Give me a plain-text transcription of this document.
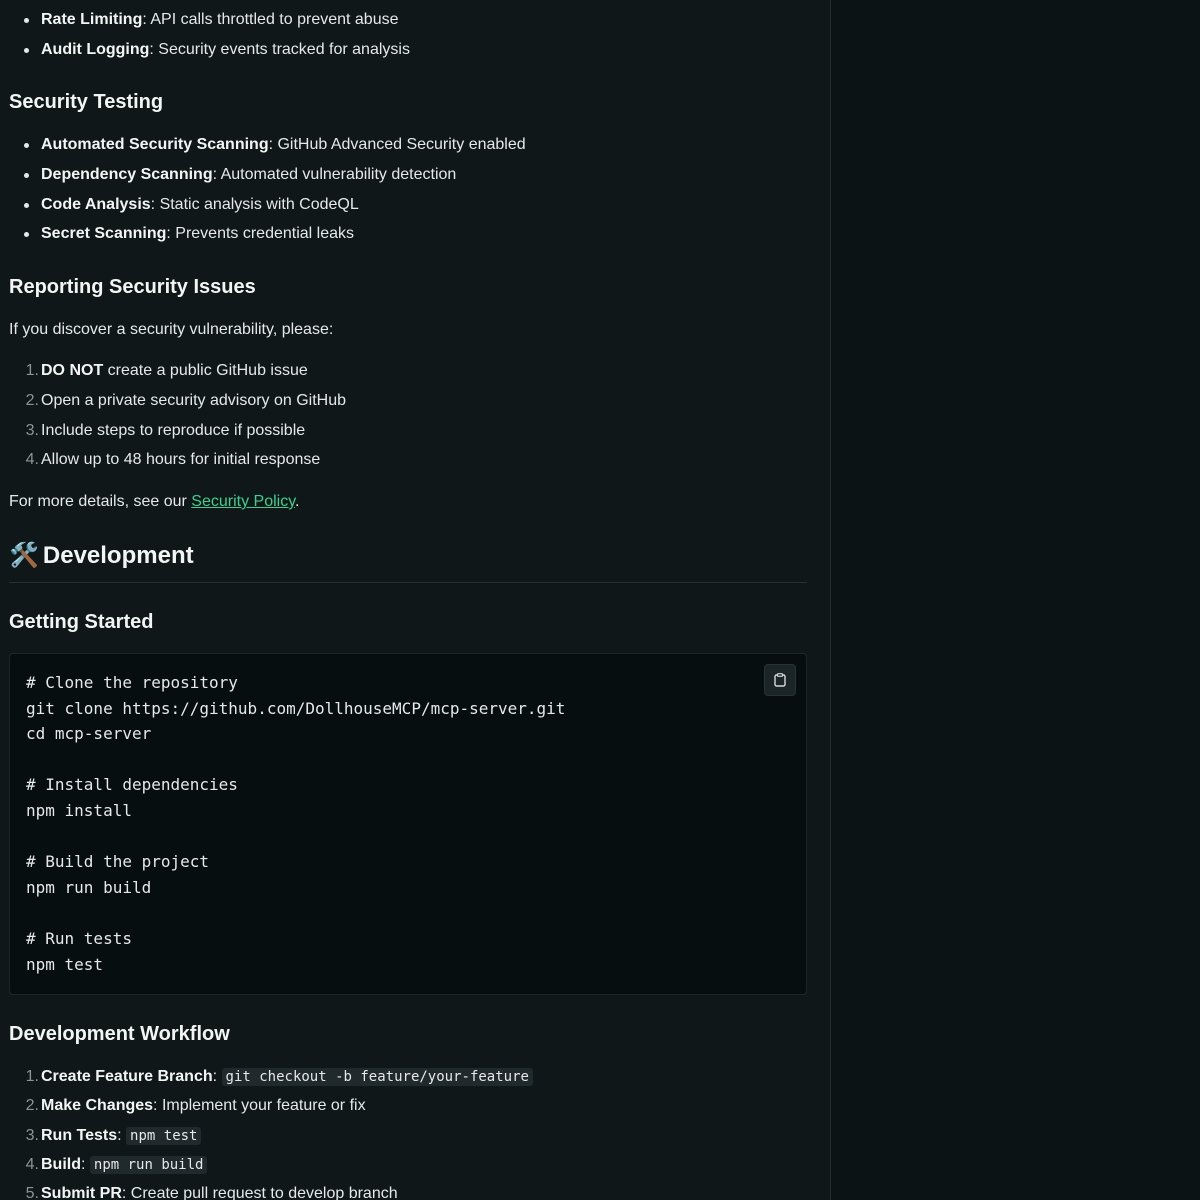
Rate Limiting: API calls throttled to prevent abuse
Audit Logging: Security events tracked for analysis
Security Testing
Automated Security Scanning: GitHub Advanced Security enabled
Dependency Scanning: Automated vulnerability detection
Code Analysis: Static analysis with CodeQL
Secret Scanning: Prevents credential leaks
Reporting Security Issues

If you discover a security vulnerability, please:

1. DO NOT create a public GitHub issue
2. Open a private security advisory on GitHub
3. Include steps to reproduce if possible
4. Allow up to 48 hours for initial response

For more details, see our Security Policy.

🛠️ Development
Getting Started
# Clone the repository
git clone https://github.com/DollhouseMCP/mcp-server.git
cd mcp-server

# Install dependencies
npm install

# Build the project
npm run build

# Run tests
npm test
Development Workflow
1. Create Feature Branch: git checkout -b feature/your-feature
2. Make Changes: Implement your feature or fix
3. Run Tests: npm test
4. Build: npm run build
5. Submit PR: Create pull request to develop branch
